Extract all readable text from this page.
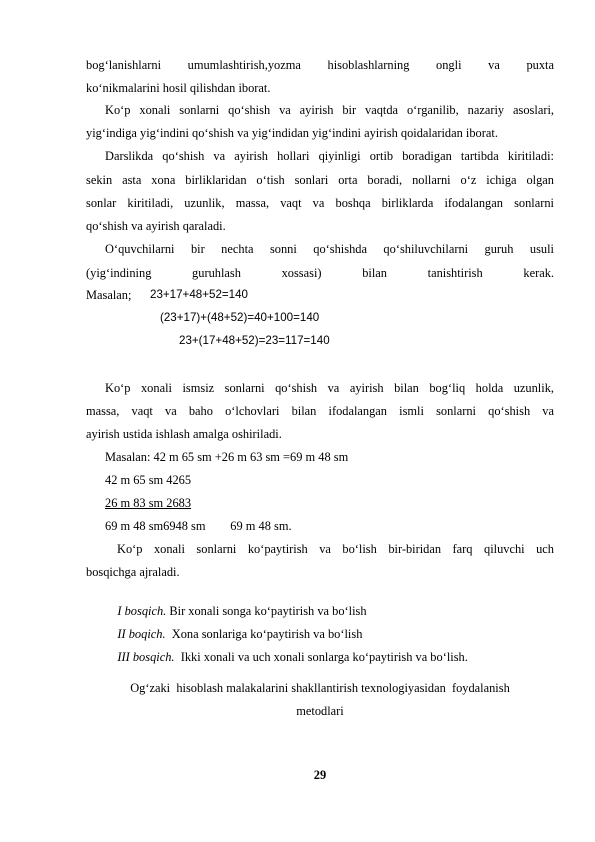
bog‘lanishlarni umumlashtirish,yozma hisoblashlarning ongli va puxta
ko‘nikmalarini hosil qilishdan iborat.
Ko‘p xonali sonlarni qo‘shish va ayirish bir vaqtda o‘rganilib, nazariy asoslari,
yig‘indiga yig‘indini qo‘shish va yig‘indidan yig‘indini ayirish qoidalaridan iborat.
Darslikda qo‘shish va ayirish hollari qiyinligi ortib boradigan tartibda kiritiladi:
sekin asta xona birliklaridan o‘tish sonlari orta boradi, nollarni o‘z ichiga olgan
sonlar kiritiladi, uzunlik, massa, vaqt va boshqa birliklarda ifodalangan sonlarni
qo‘shish va ayirish qaraladi.
O‘quvchilarni bir nechta sonni qo‘shishda qo‘shiluvchilarni guruh usuli
(yig‘indining guruhlash xossasi) bilan tanishtirish kerak.
Masalan; 23+17+48+52=140
(23+17)+(48+52)=40+100=140
23+(17+48+52)=23=117=140
Ko‘p xonali ismsiz sonlarni qo‘shish va ayirish bilan bog‘liq holda uzunlik,
massa, vaqt va baho o‘lchovlari bilan ifodalangan ismli sonlarni qo‘shish va
ayirish ustida ishlash amalga oshiriladi.
Masalan: 42 m 65 sm +26 m 63 sm =69 m 48 sm
42 m 65 sm 4265
26 m 83 sm 2683
69 m 48 sm6948 sm        69 m 48 sm.
Ko‘p xonali sonlarni ko‘paytirish va bo‘lish bir-biridan farq qiluvchi uch
bosqichga ajraladi.

I bosqich. Bir xonali songa ko‘paytirish va bo‘lish

II boqich.  Xona sonlariga ko‘paytirish va bo‘lish

III bosqich.  Ikki xonali va uch xonali sonlarga ko‘paytirish va bo‘lish.

Og‘zaki  hisoblash malakalarini shakllantirish texnologiyasidan  foydalanish
metodlari
29
